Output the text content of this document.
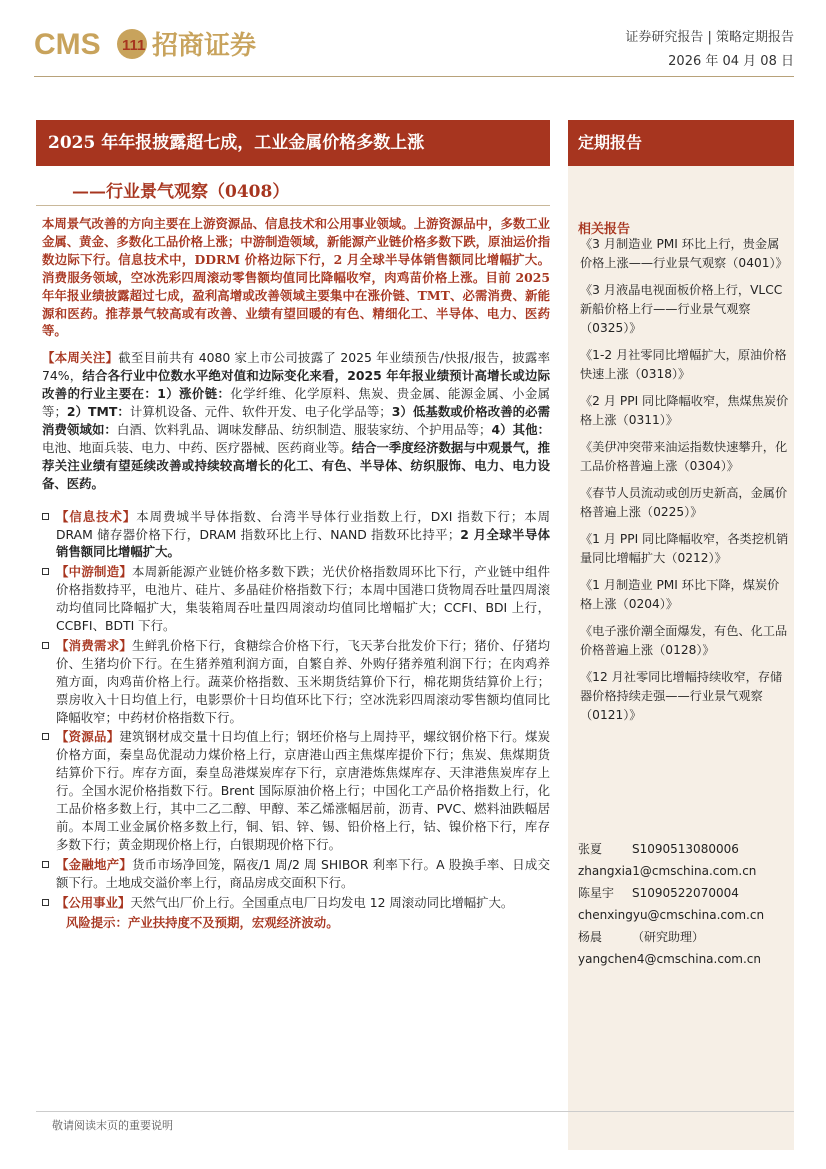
CMS 111 招商证券	证券研究报告 | 策略定期报告
2026 年 04 月 08 日
2025 年年报披露超七成，工业金属价格多数上涨
——行业景气观察（0408）
定期报告

本周景气改善的方向主要在上游资源品、信息技术和公用事业领域。上游资源品中，多数工业金属、黄金、多数化工品价格上涨；中游制造领域，新能源产业链价格多数下跌，原油运价指数边际下行。信息技术中，DDRM 价格边际下行，2 月全球半导体销售额同比增幅扩大。消费服务领域，空冰洗彩四周滚动零售额均值同比降幅收窄，肉鸡苗价格上涨。目前 2025 年年报业绩披露超过七成，盈利高增或改善领域主要集中在涨价链、TMT、必需消费、新能源和医药。推荐景气较高或有改善、业绩有望回暖的有色、精细化工、半导体、电力、医药等。

【本周关注】截至目前共有 4080 家上市公司披露了 2025 年业绩预告/快报/报告，披露率 74%，结合各行业中位数水平绝对值和边际变化来看，2025 年年报业绩预计高增长或边际改善的行业主要在：1）涨价链：化学纤维、化学原料、焦炭、贵金属、能源金属、小金属等；2）TMT：计算机设备、元件、软件开发、电子化学品等；3）低基数或价格改善的必需消费领域如：白酒、饮料乳品、调味发酵品、纺织制造、服装家纺、个护用品等；4）其他：电池、地面兵装、电力、中药、医疗器械、医药商业等。结合一季度经济数据与中观景气，推荐关注业绩有望延续改善或持续较高增长的化工、有色、半导体、纺织服饰、电力、电力设备、医药。

【信息技术】本周费城半导体指数、台湾半导体行业指数上行，DXI 指数下行；本周 DRAM 储存器价格下行，DRAM 指数环比上行、NAND 指数环比持平；2 月全球半导体销售额同比增幅扩大。
【中游制造】本周新能源产业链价格多数下跌；光伏价格指数周环比下行，产业链中组件价格指数持平，电池片、硅片、多晶硅价格指数下行；本周中国港口货物周吞吐量四周滚动均值同比降幅扩大，集装箱周吞吐量四周滚动均值同比增幅扩大；CCFI、BDI 上行，CCBFI、BDTI 下行。
【消费需求】生鲜乳价格下行，食糖综合价格下行，飞天茅台批发价下行；猪价、仔猪均价、生猪均价下行。在生猪养殖利润方面，自繁自养、外购仔猪养殖利润下行；在肉鸡养殖方面，肉鸡苗价格上行。蔬菜价格指数、玉米期货结算价下行，棉花期货结算价上行；票房收入十日均值上行，电影票价十日均值环比下行；空冰洗彩四周滚动零售额均值同比降幅收窄；中药材价格指数下行。
【资源品】建筑钢材成交量十日均值上行；钢坯价格与上周持平，螺纹钢价格下行。煤炭价格方面，秦皇岛优混动力煤价格上行，京唐港山西主焦煤库提价下行；焦炭、焦煤期货结算价下行。库存方面，秦皇岛港煤炭库存下行，京唐港炼焦煤库存、天津港焦炭库存上行。全国水泥价格指数下行。Brent 国际原油价格上行；中国化工产品价格指数上行，化工品价格多数上行，其中二乙二醇、甲醇、苯乙烯涨幅居前，沥青、PVC、燃料油跌幅居前。本周工业金属价格多数上行，铜、铝、锌、锡、铅价格上行，钴、镍价格下行，库存多数下行；黄金期现价格上行，白银期现价格下行。
【金融地产】货币市场净回笼，隔夜/1 周/2 周 SHIBOR 利率下行。A 股换手率、日成交额下行。土地成交溢价率上行，商品房成交面积下行。
【公用事业】天然气出厂价上行。全国重点电厂日均发电 12 周滚动同比增幅扩大。
风险提示：产业扶持度不及预期，宏观经济波动。
相关报告
《3 月制造业 PMI 环比上行，贵金属价格上涨——行业景气观察（0401）》
《3 月液晶电视面板价格上行，VLCC 新船价格上行——行业景气观察（0325）》
《1-2 月社零同比增幅扩大，原油价格快速上涨（0318）》
《2 月 PPI 同比降幅收窄，焦煤焦炭价格上涨（0311）》
《美伊冲突带来油运指数快速攀升，化工品价格普遍上涨（0304）》
《春节人员流动或创历史新高，金属价格普遍上涨（0225）》
《1 月 PPI 同比降幅收窄，各类挖机销量同比增幅扩大（0212）》
《1 月制造业 PMI 环比下降，煤炭价格上涨（0204）》
《电子涨价潮全面爆发，有色、化工品价格普遍上涨（0128）》
《12 月社零同比增幅持续收窄，存储器价格持续走强——行业景气观察（0121）》
张夏	S1090513080006
zhangxia1@cmschina.com.cn
陈星宇	S1090522070004
chenxingyu@cmschina.com.cn
杨晨	（研究助理）
yangchen4@cmschina.com.cn
敬请阅读末页的重要说明
